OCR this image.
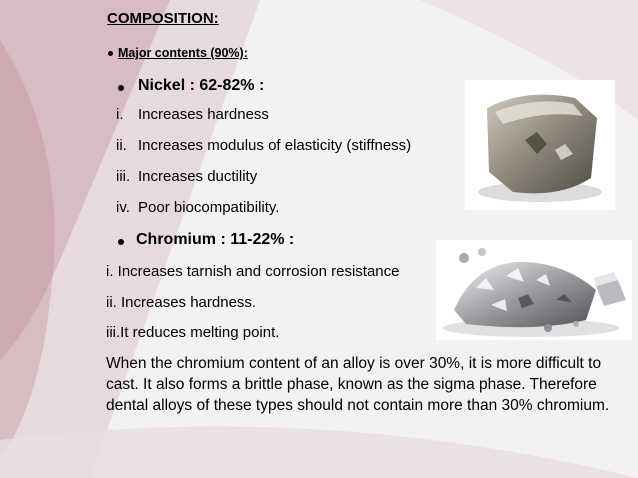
COMPOSITION:
Major contents (90%):
Nickel : 62-82% :
i. Increases hardness
ii. Increases modulus of elasticity (stiffness)
iii. Increases ductility
iv. Poor biocompatibility.
Chromium : 11-22% :
i. Increases tarnish and corrosion resistance
ii. Increases hardness.
iii.It reduces melting point.
When the chromium content of an alloy is over 30%, it is more difficult to cast. It also forms a brittle phase, known as the sigma phase. Therefore dental alloys of these types should not contain more than 30% chromium.
